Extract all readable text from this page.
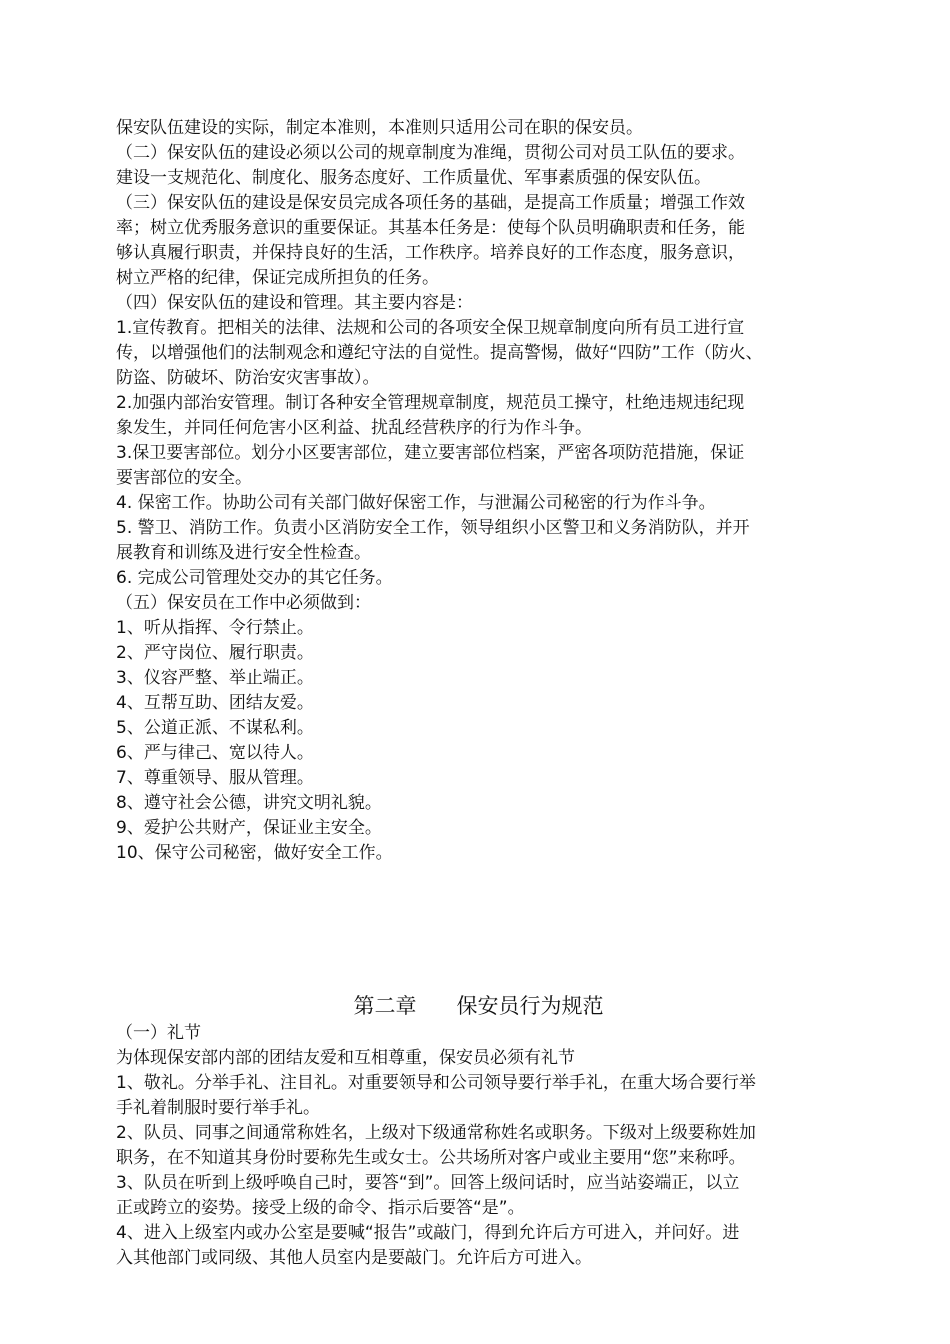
保安队伍建设的实际，制定本准则，本准则只适用公司在职的保安员。

（二）保安队伍的建设必须以公司的规章制度为准绳，贯彻公司对员工队伍的要求。

建设一支规范化、制度化、服务态度好、工作质量优、军事素质强的保安队伍。

（三）保安队伍的建设是保安员完成各项任务的基础，是提高工作质量；增强工作效

率；树立优秀服务意识的重要保证。其基本任务是：使每个队员明确职责和任务，能

够认真履行职责，并保持良好的生活，工作秩序。培养良好的工作态度，服务意识，

树立严格的纪律，保证完成所担负的任务。

（四）保安队伍的建设和管理。其主要内容是：

1.宣传教育。把相关的法律、法规和公司的各项安全保卫规章制度向所有员工进行宣

传，以增强他们的法制观念和遵纪守法的自觉性。提高警惕，做好“四防”工作（防火、

防盗、防破坏、防治安灾害事故）。

2.加强内部治安管理。制订各种安全管理规章制度，规范员工操守，杜绝违规违纪现

象发生，并同任何危害小区利益、扰乱经营秩序的行为作斗争。

3.保卫要害部位。划分小区要害部位，建立要害部位档案，严密各项防范措施，保证

要害部位的安全。

4. 保密工作。协助公司有关部门做好保密工作，与泄漏公司秘密的行为作斗争。

5. 警卫、消防工作。负责小区消防安全工作，领导组织小区警卫和义务消防队，并开

展教育和训练及进行安全性检查。

6. 完成公司管理处交办的其它任务。

（五）保安员在工作中必须做到：

1、听从指挥、令行禁止。

2、严守岗位、履行职责。

3、仪容严整、举止端正。

4、互帮互助、团结友爱。

5、公道正派、不谋私利。

6、严与律己、宽以待人。

7、尊重领导、服从管理。

8、遵守社会公德，讲究文明礼貌。

9、爱护公共财产，保证业主安全。

10、保守公司秘密，做好安全工作。

第二章      保安员行为规范

（一）礼节

为体现保安部内部的团结友爱和互相尊重，保安员必须有礼节

1、敬礼。分举手礼、注目礼。对重要领导和公司领导要行举手礼，在重大场合要行举

手礼着制服时要行举手礼。

2、队员、同事之间通常称姓名，上级对下级通常称姓名或职务。下级对上级要称姓加

职务，在不知道其身份时要称先生或女士。公共场所对客户或业主要用“您”来称呼。

3、队员在听到上级呼唤自己时，要答“到”。回答上级问话时，应当站姿端正，以立

正或跨立的姿势。接受上级的命令、指示后要答“是”。

4、进入上级室内或办公室是要喊“报告”或敲门，得到允许后方可进入，并问好。进

入其他部门或同级、其他人员室内是要敲门。允许后方可进入。
